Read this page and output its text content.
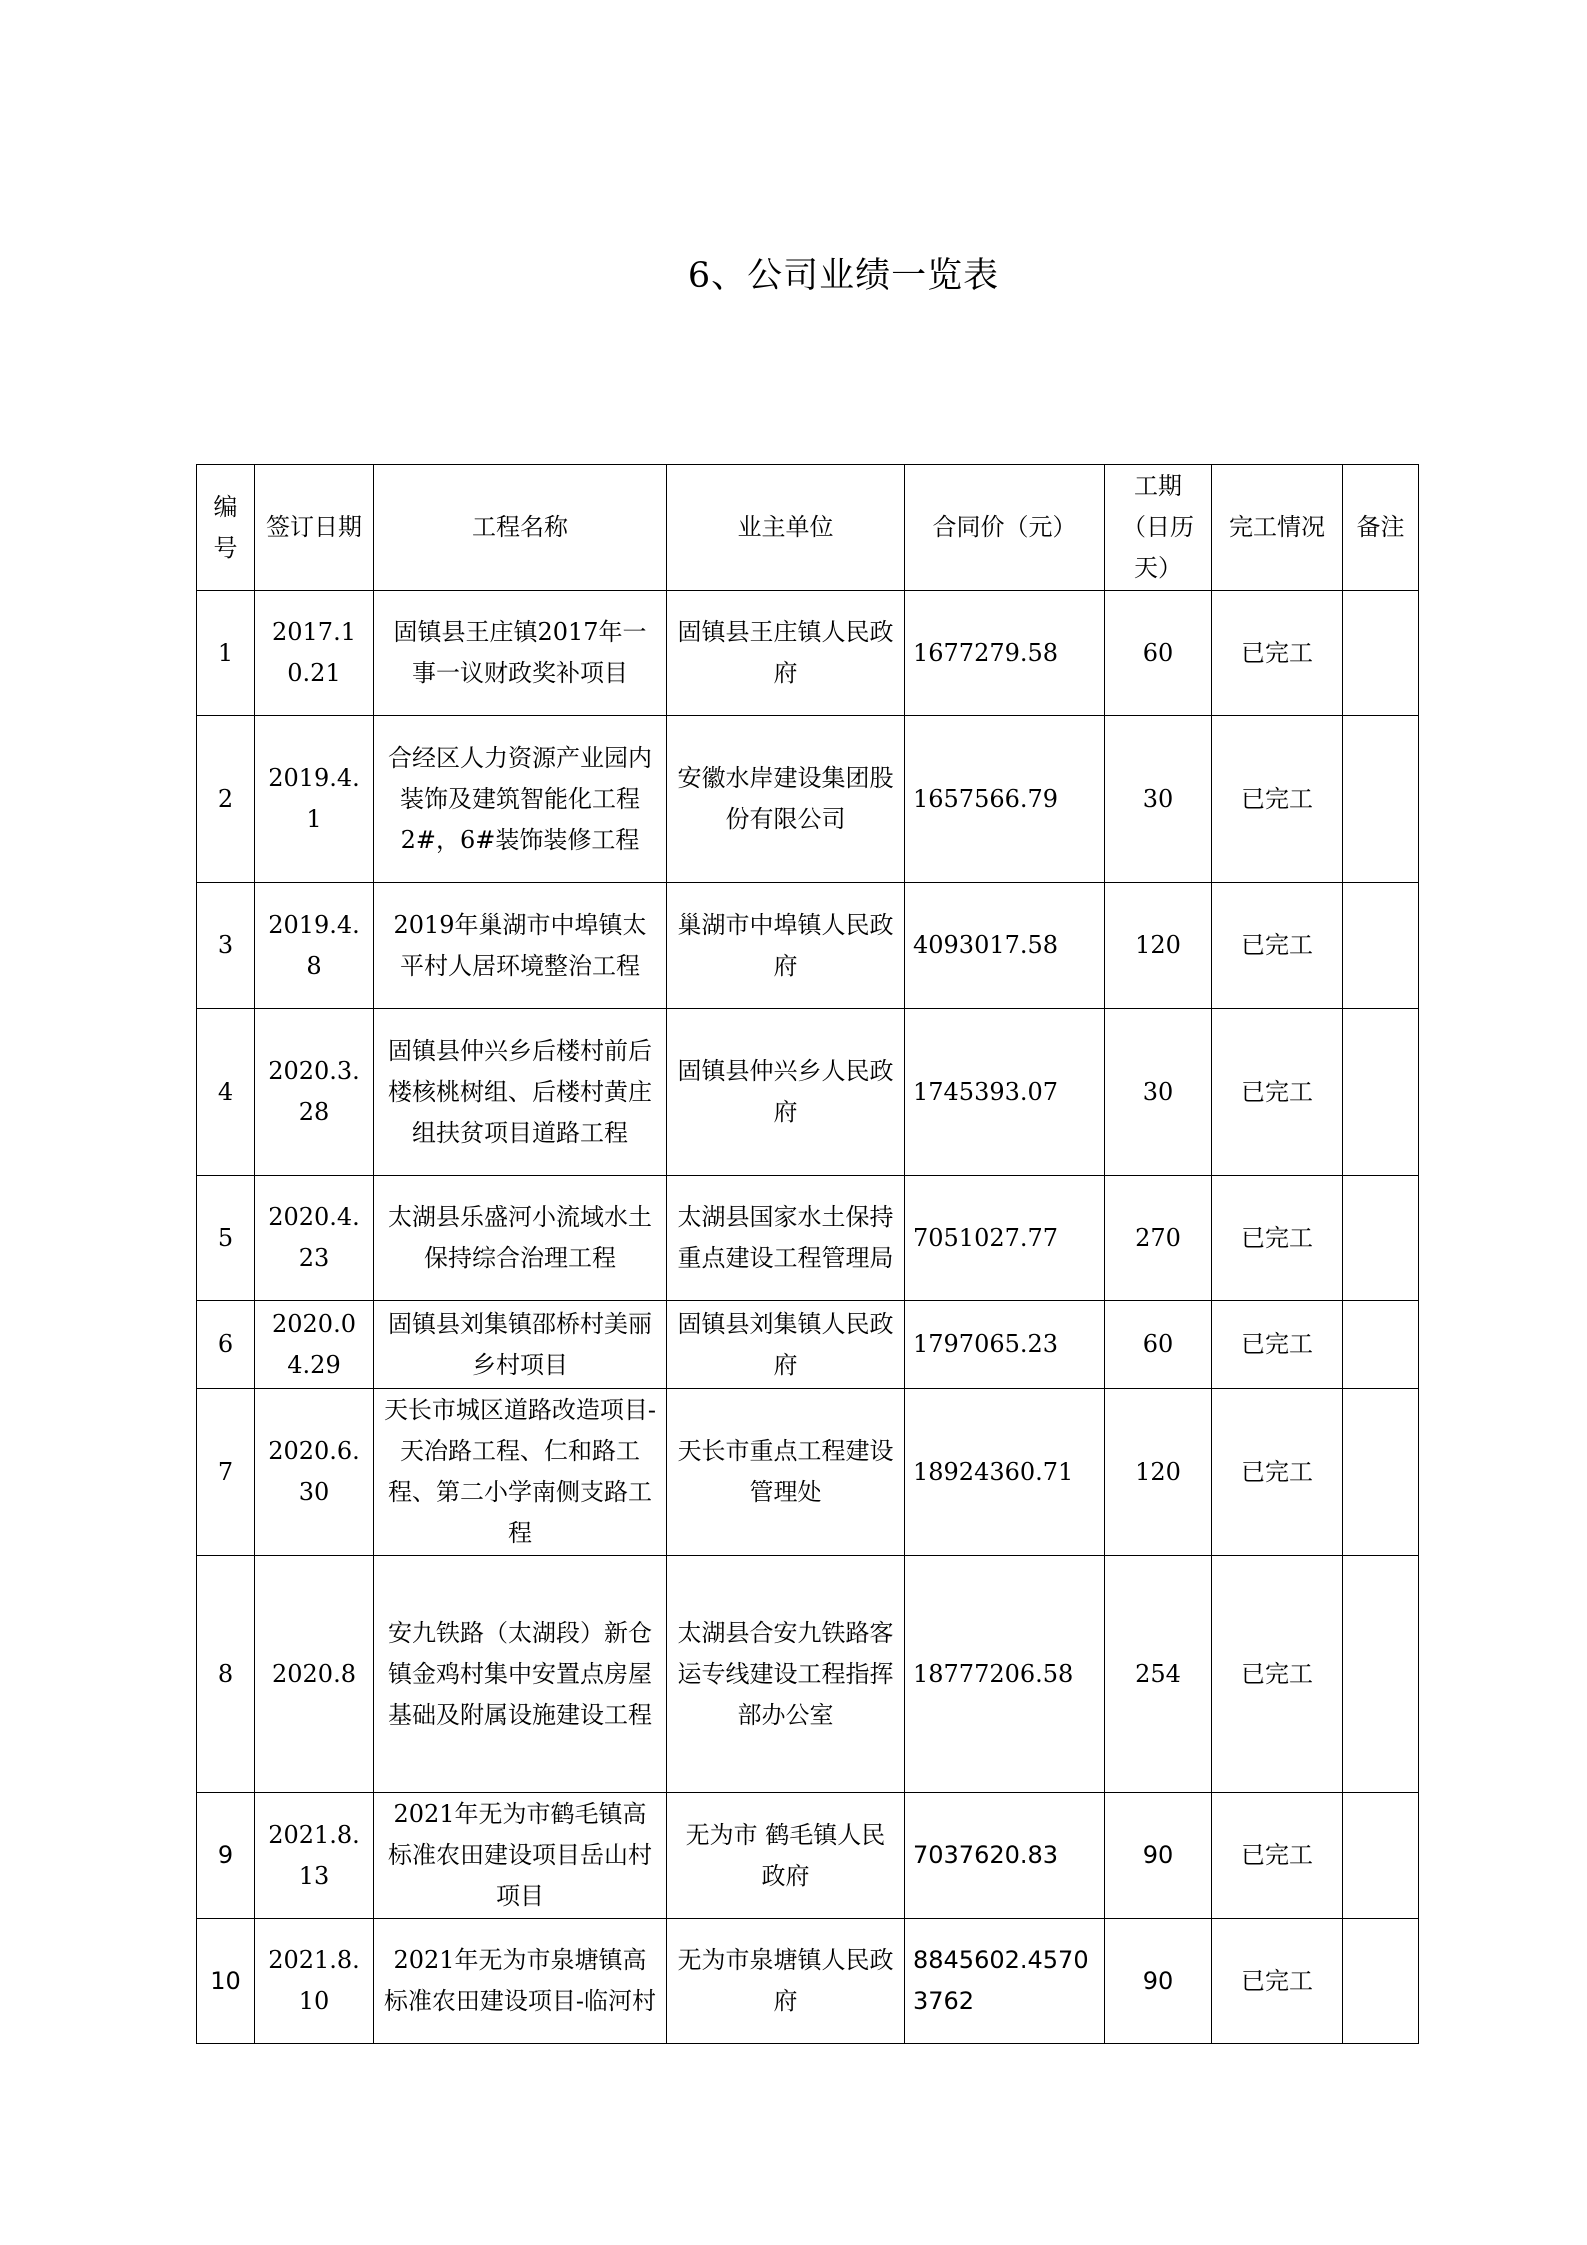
6、公司业绩一览表
编号	签订日期	工程名称	业主单位	合同价（元）	工期（日历天）	完工情况	备注
1	2017.10.21	固镇县王庄镇2017年一事一议财政奖补项目	固镇县王庄镇人民政府	1677279.58	60	已完工	
2	2019.4.1	合经区人力资源产业园内装饰及建筑智能化工程2#，6#装饰装修工程	安徽水岸建设集团股份有限公司	1657566.79	30	已完工	
3	2019.4.8	2019年巢湖市中埠镇太平村人居环境整治工程	巢湖市中埠镇人民政府	4093017.58	120	已完工	
4	2020.3.28	固镇县仲兴乡后楼村前后楼核桃树组、后楼村黄庄组扶贫项目道路工程	固镇县仲兴乡人民政府	1745393.07	30	已完工	
5	2020.4.23	太湖县乐盛河小流域水土保持综合治理工程	太湖县国家水土保持重点建设工程管理局	7051027.77	270	已完工	
6	2020.04.29	固镇县刘集镇邵桥村美丽乡村项目	固镇县刘集镇人民政府	1797065.23	60	已完工	
7	2020.6.30	天长市城区道路改造项目-天冶路工程、仁和路工程、第二小学南侧支路工程	天长市重点工程建设管理处	18924360.71	120	已完工	
8	2020.8	安九铁路（太湖段）新仓镇金鸡村集中安置点房屋基础及附属设施建设工程	太湖县合安九铁路客运专线建设工程指挥部办公室	18777206.58	254	已完工	
9	2021.8.13	2021年无为市鹤毛镇高标准农田建设项目岳山村项目	无为市 鹤毛镇人民政府	7037620.83	90	已完工	
10	2021.8.10	2021年无为市泉塘镇高标准农田建设项目-临河村	无为市泉塘镇人民政府	8845602.45703762	90	已完工	
